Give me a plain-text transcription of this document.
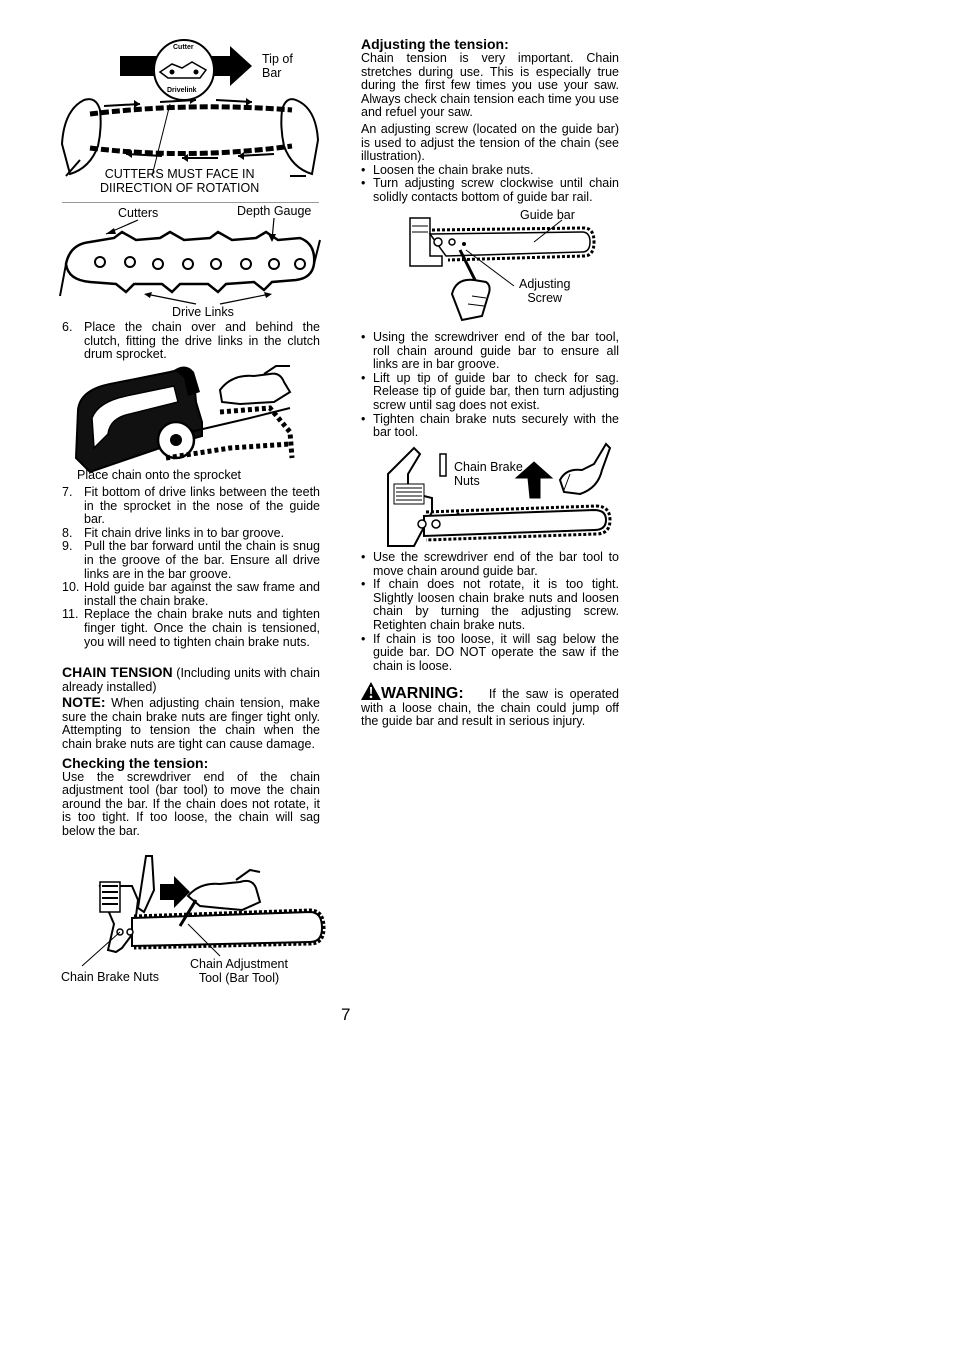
Cutter
Drivelink
Tip of
Bar
CUTTERS MUST FACE IN
DIIRECTION OF ROTATION
Cutters	Depth Gauge
Drive Links
6. Place the chain over and behind the clutch, fitting the drive links in the clutch drum sprocket.
Place chain onto the sprocket
7. Fit bottom of drive links between the teeth in the sprocket in the nose of the guide bar.
8. Fit chain drive links in to bar groove.
9. Pull the bar forward until the chain is snug in the groove of the bar. Ensure all drive links are in the bar groove.
10. Hold guide bar against the saw frame and install the chain brake.
11. Replace the chain brake nuts and tighten finger tight. Once the chain is tensioned, you will need to tighten chain brake nuts.

CHAIN TENSION (Including units with chain already installed)

NOTE: When adjusting chain tension, make sure the chain brake nuts are finger tight only. Attempting to tension the chain when the chain brake nuts are tight can cause damage.

Checking the tension:

Use the screwdriver end of the chain adjustment tool (bar tool) to move the chain around the bar. If the chain does not rotate, it is too tight. If too loose, the chain will sag below the bar.

Chain Brake Nuts
Chain Adjustment
Tool (Bar Tool)

Adjusting the tension:

Chain tension is very important. Chain stretches during use. This is especially true during the first few times you use your saw. Always check chain tension each time you use and refuel your saw.

An adjusting screw (located on the guide bar) is used to adjust the tension of the chain (see illustration).

• Loosen the chain brake nuts.
• Turn adjusting screw clockwise until chain solidly contacts bottom of guide bar rail.
Guide bar
Adjusting
Screw
• Using the screwdriver end of the bar tool, roll chain around guide bar to ensure all links are in bar groove.
• Lift up tip of guide bar to check for sag. Release tip of guide bar, then turn adjusting screw until sag does not exist.
• Tighten chain brake nuts securely with the bar tool.
Chain Brake
Nuts
• Use the screwdriver end of the bar tool to move chain around guide bar.
• If chain does not rotate, it is too tight. Slightly loosen chain brake nuts and loosen chain by turning the adjusting screw. Retighten chain brake nuts.
• If chain is too loose, it will sag below the guide bar. DO NOT operate the saw if the chain is loose.

WARNING: If the saw is operated with a loose chain, the chain could jump off the guide bar and result in serious injury.

7
